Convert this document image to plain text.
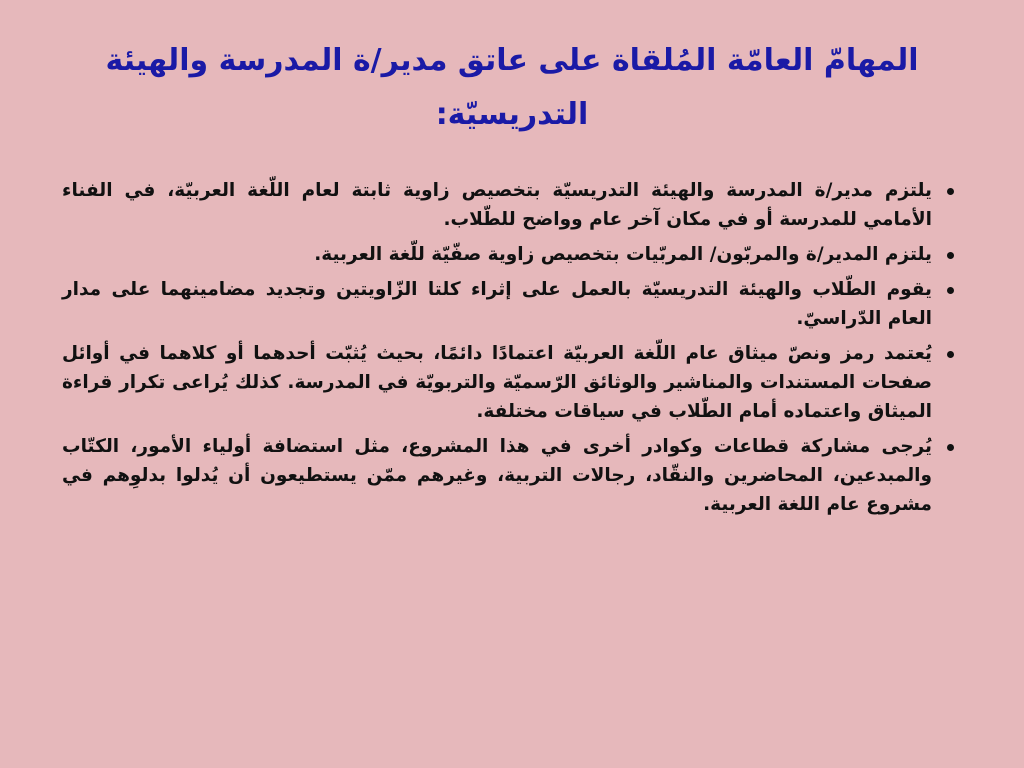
المهامّ العامّة المُلقاة على عاتق مدير/ة المدرسة والهيئة التدريسيّة:
يلتزم مدير/ة المدرسة والهيئة التدريسيّة بتخصيص زاوية ثابتة لعام اللّغة العربيّة، في الفناء الأمامي للمدرسة أو في مكان آخر عام وواضح للطّلاب.
يلتزم المدير/ة والمربّون/ المربّيات بتخصيص زاوية صفّيّة للّغة العربية.
يقوم الطّلاب والهيئة التدريسيّة بالعمل على إثراء كلتا الزّاويتين وتجديد مضامينهما على مدار العام الدّراسيّ.
يُعتمد رمز ونصّ ميثاق عام اللّغة العربيّة اعتمادًا دائمًا، بحيث يُثبّت أحدهما أو كلاهما في أوائل صفحات المستندات والمناشير والوثائق الرّسميّة والتربويّة في المدرسة. كذلك يُراعى تكرار قراءة الميثاق واعتماده أمام الطّلاب في سياقات مختلفة.
يُرجى مشاركة قطاعات وكوادر أخرى في هذا المشروع، مثل استضافة أولياء الأمور، الكتّاب والمبدعين، المحاضرين والنقّاد، رجالات التربية، وغيرهم ممّن يستطيعون أن يُدلوا بدلوِهم في مشروع عام اللغة العربية.
